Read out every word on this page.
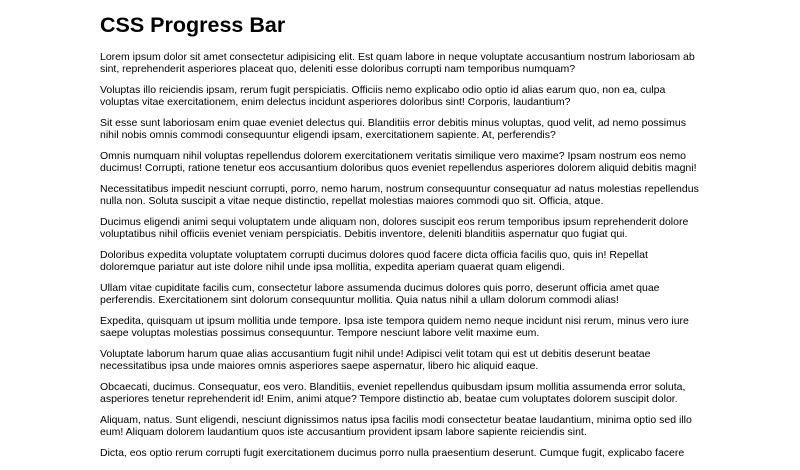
CSS Progress Bar

Lorem ipsum dolor sit amet consectetur adipisicing elit. Est quam labore in neque voluptate accusantium nostrum laboriosam ab sint, reprehenderit asperiores placeat quo, deleniti esse doloribus corrupti nam temporibus numquam?

Voluptas illo reiciendis ipsam, rerum fugit perspiciatis. Officiis nemo explicabo odio optio id alias earum quo, non ea, culpa voluptas vitae exercitationem, enim delectus incidunt asperiores doloribus sint! Corporis, laudantium?

Sit esse sunt laboriosam enim quae eveniet delectus qui. Blanditiis error debitis minus voluptas, quod velit, ad nemo possimus nihil nobis omnis commodi consequuntur eligendi ipsam, exercitationem sapiente. At, perferendis?

Omnis numquam nihil voluptas repellendus dolorem exercitationem veritatis similique vero maxime? Ipsam nostrum eos nemo ducimus! Corrupti, ratione tenetur eos accusantium doloribus quos eveniet repellendus asperiores dolorem aliquid debitis magni!

Necessitatibus impedit nesciunt corrupti, porro, nemo harum, nostrum consequuntur consequatur ad natus molestias repellendus nulla non. Soluta suscipit a vitae neque distinctio, repellat molestias maiores commodi quo sit. Officia, atque.

Ducimus eligendi animi sequi voluptatem unde aliquam non, dolores suscipit eos rerum temporibus ipsum reprehenderit dolore voluptatibus nihil officiis eveniet veniam perspiciatis. Debitis inventore, deleniti blanditiis aspernatur quo fugiat qui.

Doloribus expedita voluptate voluptatem corrupti ducimus dolores quod facere dicta officia facilis quo, quis in! Repellat doloremque pariatur aut iste dolore nihil unde ipsa mollitia, expedita aperiam quaerat quam eligendi.

Ullam vitae cupiditate facilis cum, consectetur labore assumenda ducimus dolores quis porro, deserunt officia amet quae perferendis. Exercitationem sint dolorum consequuntur mollitia. Quia natus nihil a ullam dolorum commodi alias!

Expedita, quisquam ut ipsum mollitia unde tempore. Ipsa iste tempora quidem nemo neque incidunt nisi rerum, minus vero iure saepe voluptas molestias possimus consequuntur. Tempore nesciunt labore velit maxime eum.

Voluptate laborum harum quae alias accusantium fugit nihil unde! Adipisci velit totam qui est ut debitis deserunt beatae necessitatibus ipsa unde maiores omnis asperiores saepe aspernatur, libero hic aliquid eaque.

Obcaecati, ducimus. Consequatur, eos vero. Blanditiis, eveniet repellendus quibusdam ipsum mollitia assumenda error soluta, asperiores tenetur reprehenderit id! Enim, animi atque? Tempore distinctio ab, beatae cum voluptates dolorem suscipit dolor.

Aliquam, natus. Sunt eligendi, nesciunt dignissimos natus ipsa facilis modi consectetur beatae laudantium, minima optio sed illo eum! Aliquam dolorem laudantium quos iste accusantium provident ipsam labore sapiente reiciendis sint.

Dicta, eos optio rerum corrupti fugit exercitationem ducimus porro nulla praesentium deserunt. Cumque fugit, explicabo facere
